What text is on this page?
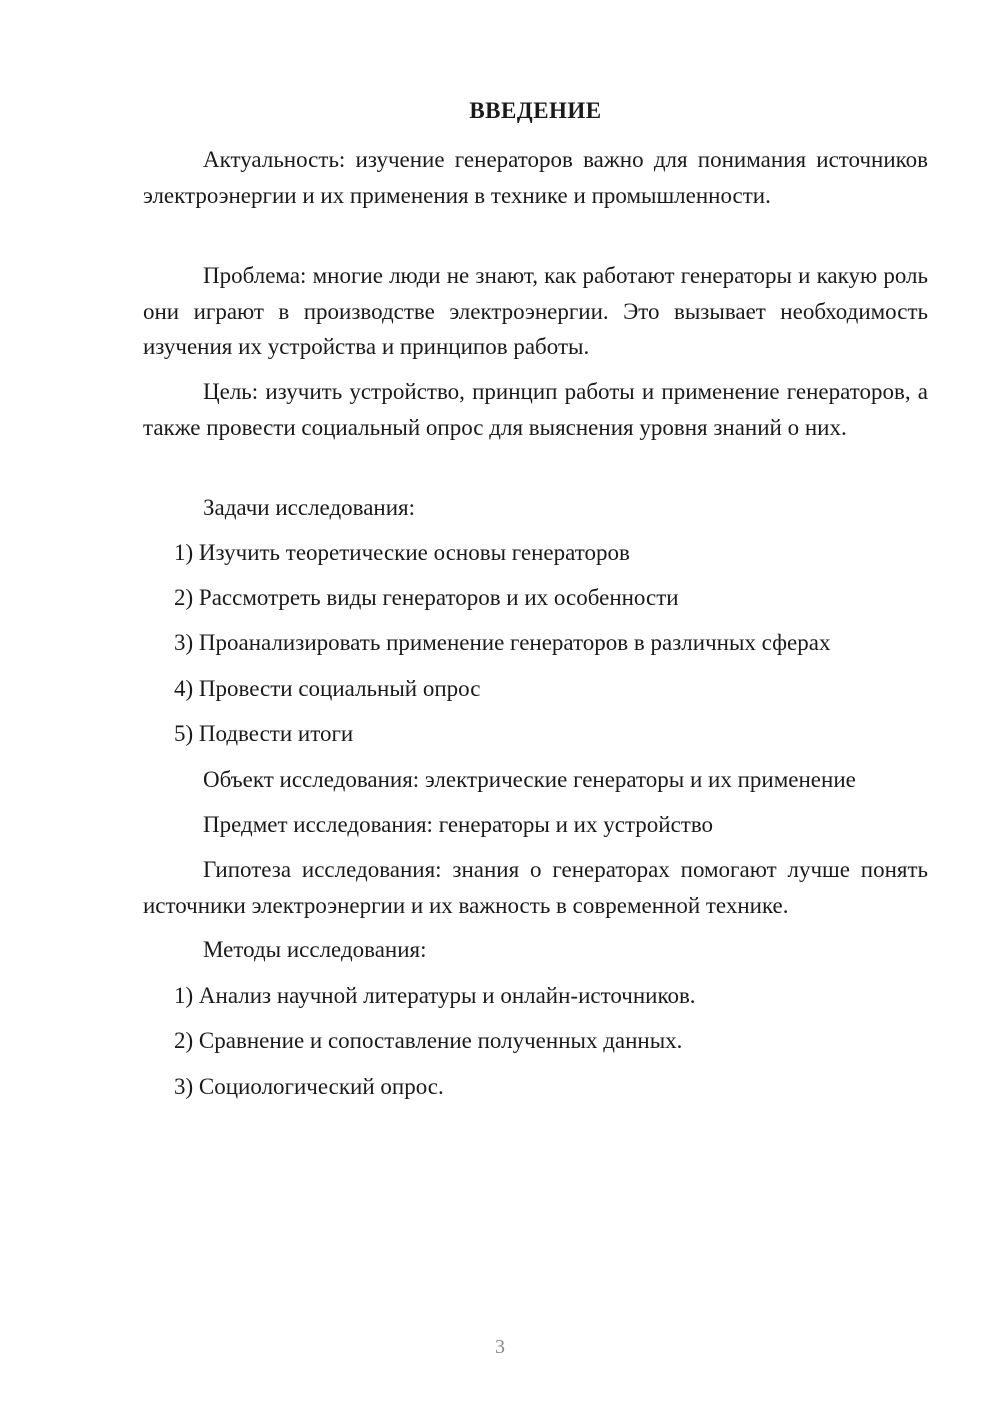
ВВЕДЕНИЕ

Актуальность: изучение генераторов важно для понимания источников электроэнергии и их применения в технике и промышленности.

Проблема: многие люди не знают, как работают генераторы и какую роль они играют в производстве электроэнергии. Это вызывает необходимость изучения их устройства и принципов работы.

Цель: изучить устройство, принцип работы и применение генераторов, а также провести социальный опрос для выяснения уровня знаний о них.

Задачи исследования:

1) Изучить теоретические основы генераторов

2) Рассмотреть виды генераторов и их особенности

3) Проанализировать применение генераторов в различных сферах

4) Провести социальный опрос

5) Подвести итоги

Объект исследования: электрические генераторы и их применение

Предмет исследования: генераторы и их устройство

Гипотеза исследования: знания о генераторах помогают лучше понять источники электроэнергии и их важность в современной технике.

Методы исследования:

1) Анализ научной литературы и онлайн-источников.

2) Сравнение и сопоставление полученных данных.

3) Социологический опрос.

3
